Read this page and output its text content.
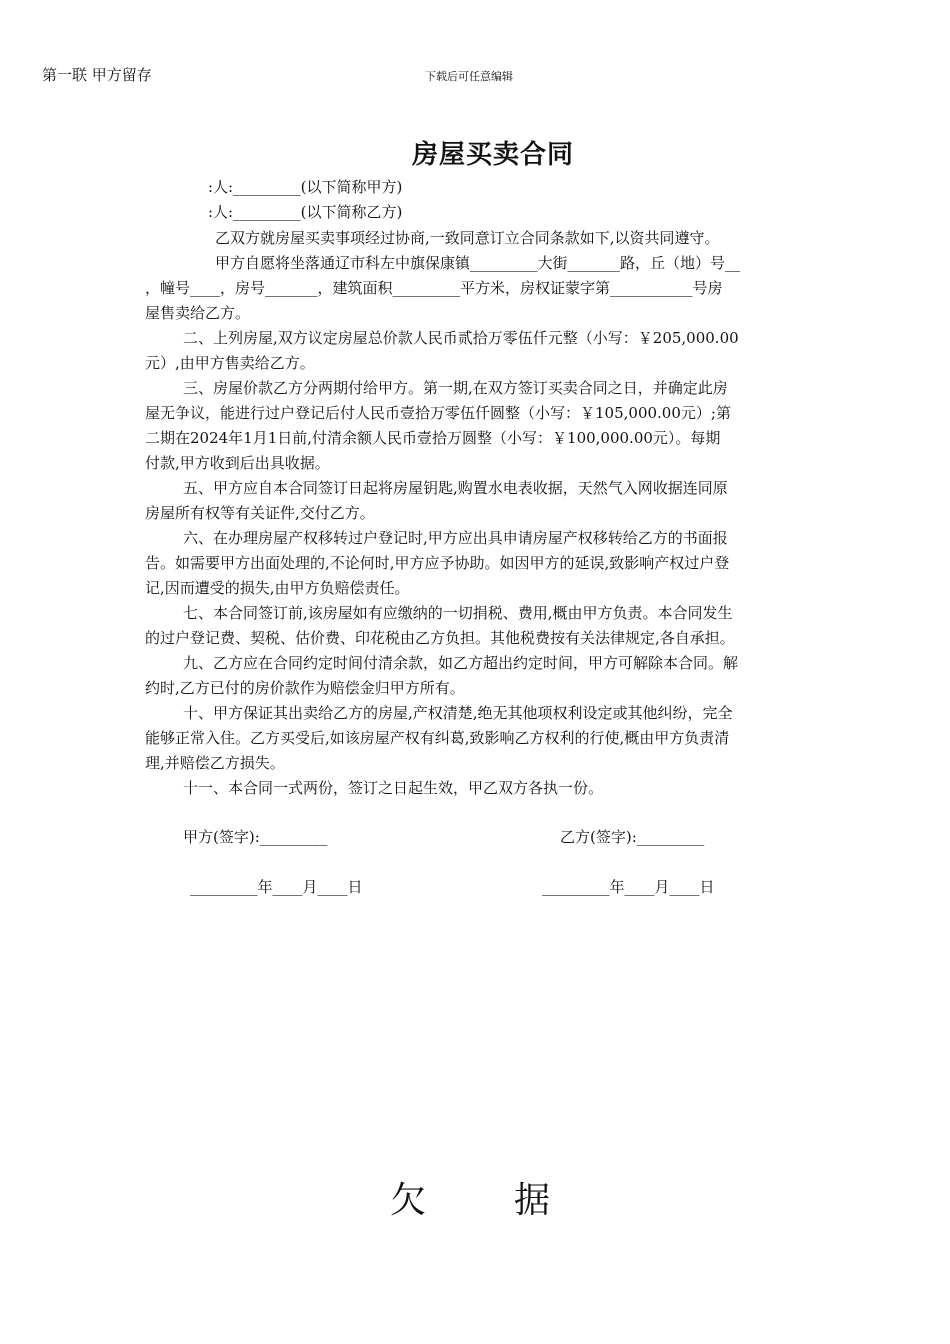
第一联 甲方留存	下载后可任意编辑
房屋买卖合同
:人:_________(以下简称甲方)
:人:_________(以下简称乙方)
乙双方就房屋买卖事项经过协商,一致同意订立合同条款如下,以资共同遵守。
甲方自愿将坐落通辽市科左中旗保康镇_________大街_______路，丘（地）号__
，幢号____，房号_______，建筑面积_________平方米，房权证蒙字第___________号房
屋售卖给乙方。
二、上列房屋,双方议定房屋总价款人民币贰拾万零伍仟元整（小写：￥205,000.00
元）,由甲方售卖给乙方。
三、房屋价款乙方分两期付给甲方。第一期,在双方签订买卖合同之日，并确定此房
屋无争议，能进行过户登记后付人民币壹拾万零伍仟圆整（小写：￥105,000.00元）;第
二期在2024年1月1日前,付清余额人民币壹拾万圆整（小写：￥100,000.00元）。每期
付款,甲方收到后出具收据。
五、甲方应自本合同签订日起将房屋钥匙,购置水电表收据，天然气入网收据连同原
房屋所有权等有关证件,交付乙方。
六、在办理房屋产权移转过户登记时,甲方应出具申请房屋产权移转给乙方的书面报
告。如需要甲方出面处理的,不论何时,甲方应予协助。如因甲方的延误,致影响产权过户登
记,因而遭受的损失,由甲方负赔偿责任。
七、本合同签订前,该房屋如有应缴纳的一切捐税、费用,概由甲方负责。本合同发生
的过户登记费、契税、估价费、印花税由乙方负担。其他税费按有关法律规定,各自承担。
九、乙方应在合同约定时间付清余款，如乙方超出约定时间，甲方可解除本合同。解
约时,乙方已付的房价款作为赔偿金归甲方所有。
十、甲方保证其出卖给乙方的房屋,产权清楚,绝无其他项权利设定或其他纠纷，完全
能够正常入住。乙方买受后,如该房屋产权有纠葛,致影响乙方权利的行使,概由甲方负责清
理,并赔偿乙方损失。
十一、本合同一式两份，签订之日起生效，甲乙双方各执一份。
甲方(签字):_________	乙方(签字):_________
_________年____月____日	_________年____月____日
欠据
